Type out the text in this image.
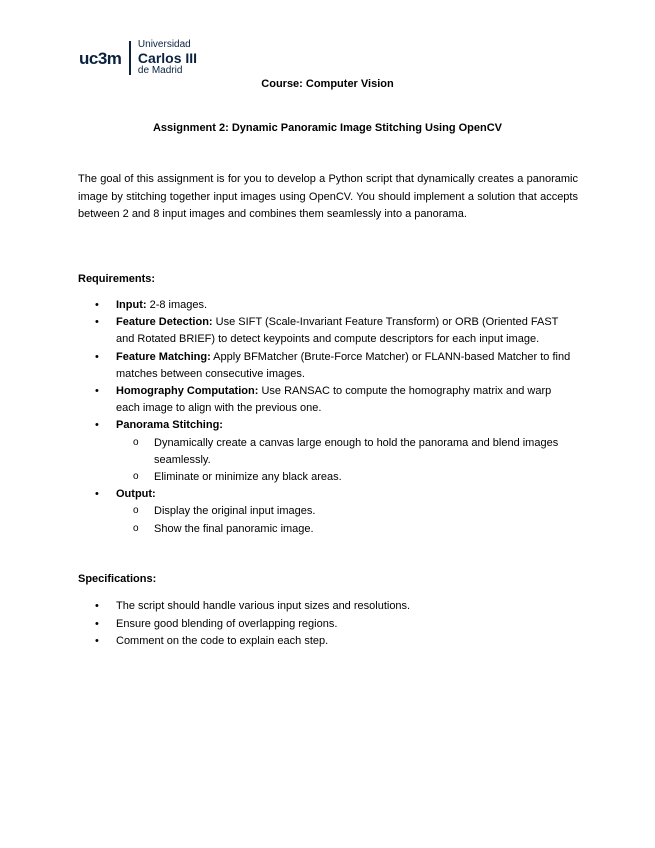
uc3m
Universidad
Carlos III
de Madrid
Course: Computer Vision
Assignment 2: Dynamic Panoramic Image Stitching Using OpenCV
The goal of this assignment is for you to develop a Python script that dynamically creates a panoramic image by stitching together input images using OpenCV. You should implement a solution that accepts between 2 and 8 input images and combines them seamlessly into a panorama.
Requirements:
• Input: 2-8 images.
• Feature Detection: Use SIFT (Scale-Invariant Feature Transform) or ORB (Oriented FAST and Rotated BRIEF) to detect keypoints and compute descriptors for each input image.
• Feature Matching: Apply BFMatcher (Brute-Force Matcher) or FLANN-based Matcher to find matches between consecutive images.
• Homography Computation: Use RANSAC to compute the homography matrix and warp each image to align with the previous one.
• Panorama Stitching:
o Dynamically create a canvas large enough to hold the panorama and blend images seamlessly.
o Eliminate or minimize any black areas.
• Output:
o Display the original input images.
o Show the final panoramic image.
Specifications:
• The script should handle various input sizes and resolutions.
• Ensure good blending of overlapping regions.
• Comment on the code to explain each step.
